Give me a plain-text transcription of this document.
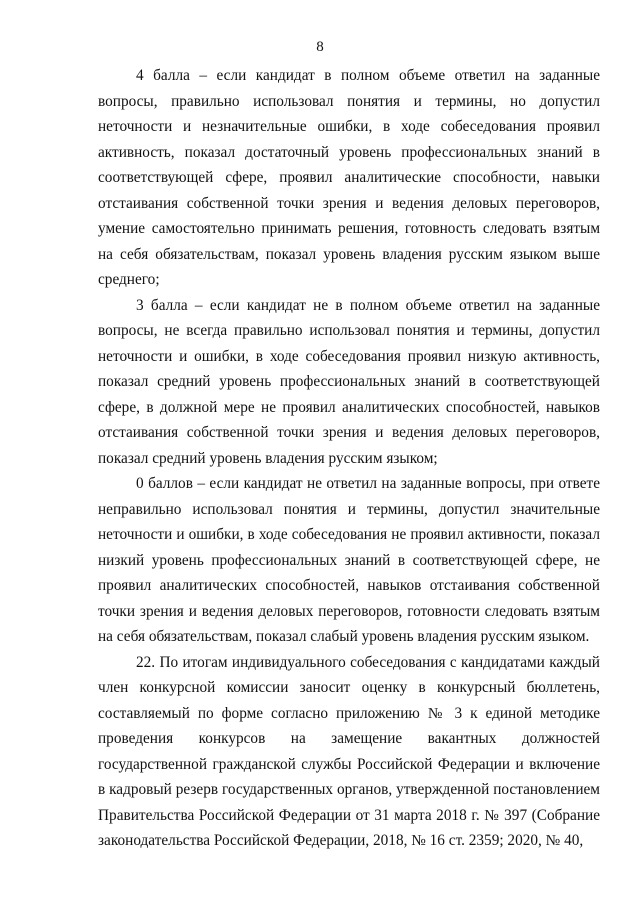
8

4 балла – если кандидат в полном объеме ответил на заданные вопросы, правильно использовал понятия и термины, но допустил неточности и незначительные ошибки, в ходе собеседования проявил активность, показал достаточный уровень профессиональных знаний в соответствующей сфере, проявил аналитические способности, навыки отстаивания собственной точки зрения и ведения деловых переговоров, умение самостоятельно принимать решения, готовность следовать взятым на себя обязательствам, показал уровень владения русским языком выше среднего;

3 балла – если кандидат не в полном объеме ответил на заданные вопросы, не всегда правильно использовал понятия и термины, допустил неточности и ошибки, в ходе собеседования проявил низкую активность, показал средний уровень профессиональных знаний в соответствующей сфере, в должной мере не проявил аналитических способностей, навыков отстаивания собственной точки зрения и ведения деловых переговоров, показал средний уровень владения русским языком;

0 баллов – если кандидат не ответил на заданные вопросы, при ответе неправильно использовал понятия и термины, допустил значительные неточности и ошибки, в ходе собеседования не проявил активности, показал низкий уровень профессиональных знаний в соответствующей сфере, не проявил аналитических способностей, навыков отстаивания собственной точки зрения и ведения деловых переговоров, готовности следовать взятым на себя обязательствам, показал слабый уровень владения русским языком.

22. По итогам индивидуального собеседования с кандидатами каждый член конкурсной комиссии заносит оценку в конкурсный бюллетень, составляемый по форме согласно приложению № 3 к единой методике проведения конкурсов на замещение вакантных должностей государственной гражданской службы Российской Федерации и включение в кадровый резерв государственных органов, утвержденной постановлением Правительства Российской Федерации от 31 марта 2018 г. № 397 (Собрание законодательства Российской Федерации, 2018, № 16 ст. 2359; 2020, № 40,
